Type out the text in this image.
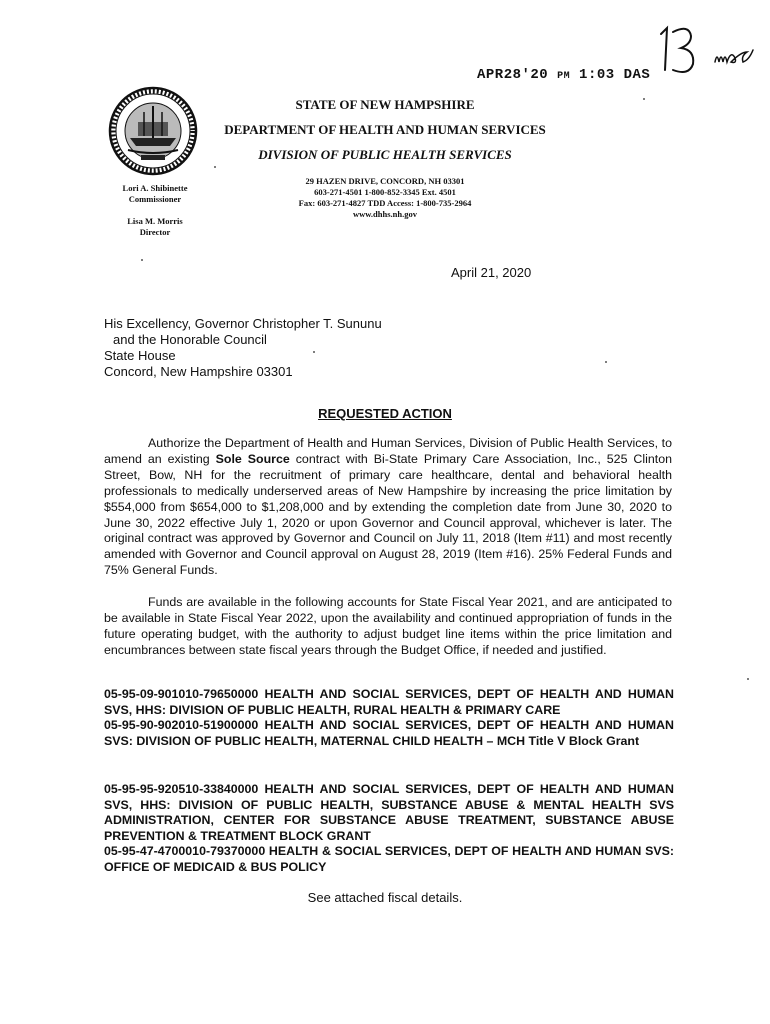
APR28'20 PM 1:03 DAS
STATE OF NEW HAMPSHIRE
DEPARTMENT OF HEALTH AND HUMAN SERVICES
DIVISION OF PUBLIC HEALTH SERVICES
Lori A. Shibinette
Commissioner
Lisa M. Morris
Director
29 HAZEN DRIVE, CONCORD, NH 03301
603-271-4501 1-800-852-3345 Ext. 4501
Fax: 603-271-4827 TDD Access: 1-800-735-2964
www.dhhs.nh.gov
April 21, 2020
His Excellency, Governor Christopher T. Sununu
and the Honorable Council
State House
Concord, New Hampshire 03301
REQUESTED ACTION

Authorize the Department of Health and Human Services, Division of Public Health Services, to amend an existing Sole Source contract with Bi-State Primary Care Association, Inc., 525 Clinton Street, Bow, NH for the recruitment of primary care healthcare, dental and behavioral health professionals to medically underserved areas of New Hampshire by increasing the price limitation by $554,000 from $654,000 to $1,208,000 and by extending the completion date from June 30, 2020 to June 30, 2022 effective July 1, 2020 or upon Governor and Council approval, whichever is later. The original contract was approved by Governor and Council on July 11, 2018 (Item #11) and most recently amended with Governor and Council approval on August 28, 2019 (Item #16). 25% Federal Funds and 75% General Funds.

Funds are available in the following accounts for State Fiscal Year 2021, and are anticipated to be available in State Fiscal Year 2022, upon the availability and continued appropriation of funds in the future operating budget, with the authority to adjust budget line items within the price limitation and encumbrances between state fiscal years through the Budget Office, if needed and justified.

05-95-09-901010-79650000 HEALTH AND SOCIAL SERVICES, DEPT OF HEALTH AND HUMAN SVS, HHS: DIVISION OF PUBLIC HEALTH, RURAL HEALTH & PRIMARY CARE
05-95-90-902010-51900000 HEALTH AND SOCIAL SERVICES, DEPT OF HEALTH AND HUMAN SVS: DIVISION OF PUBLIC HEALTH, MATERNAL CHILD HEALTH – MCH Title V Block Grant
05-95-95-920510-33840000 HEALTH AND SOCIAL SERVICES, DEPT OF HEALTH AND HUMAN SVS, HHS: DIVISION OF PUBLIC HEALTH, SUBSTANCE ABUSE & MENTAL HEALTH SVS ADMINISTRATION, CENTER FOR SUBSTANCE ABUSE TREATMENT, SUBSTANCE ABUSE PREVENTION & TREATMENT BLOCK GRANT
05-95-47-4700010-79370000 HEALTH & SOCIAL SERVICES, DEPT OF HEALTH AND HUMAN SVS: OFFICE OF MEDICAID & BUS POLICY
See attached fiscal details.
